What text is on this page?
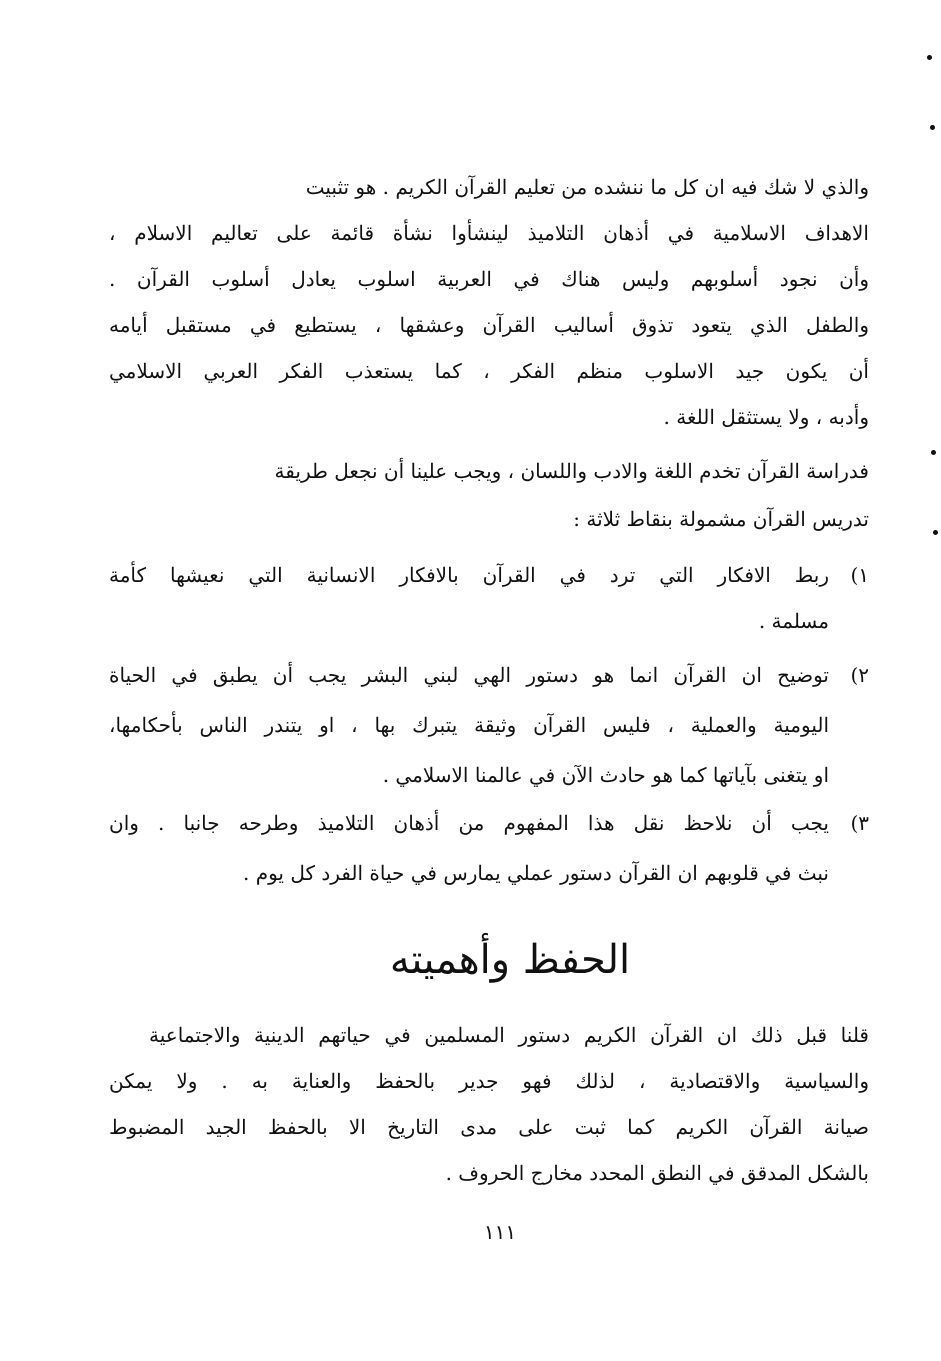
والذي لا شك فيه ان كل ما ننشده من تعليم القرآن الكريم . هو تثبيت
الاهداف الاسلامية في أذهان التلاميذ لينشأوا نشأة قائمة على تعاليم الاسلام ،
وأن نجود أسلوبهم وليس هناك في العربية اسلوب يعادل أسلوب القرآن .
والطفل الذي يتعود تذوق أساليب القرآن وعشقها ، يستطيع في مستقبل أيامه
أن يكون جيد الاسلوب منظم الفكر ، كما يستعذب الفكر العربي الاسلامي
وأدبه ، ولا يستثقل اللغة .
فدراسة القرآن تخدم اللغة والادب واللسان ، ويجب علينا أن نجعل طريقة
تدريس القرآن مشمولة بنقاط ثلاثة :
١)
ربط الافكار التي ترد في القرآن بالافكار الانسانية التي نعيشها كأمة
مسلمة .
٢)
توضيح ان القرآن انما هو دستور الهي لبني البشر يجب أن يطبق في الحياة
اليومية والعملية ، فليس القرآن وثيقة يتبرك بها ، او يتندر الناس بأحكامها،
او يتغنى بآياتها كما هو حادث الآن في عالمنا الاسلامي .
٣)
يجب أن نلاحظ نقل هذا المفهوم من أذهان التلاميذ وطرحه جانبا . وان
نبث في قلوبهم ان القرآن دستور عملي يمارس في حياة الفرد كل يوم .
الحفظ وأهميته
قلنا قبل ذلك ان القرآن الكريم دستور المسلمين في حياتهم الدينية والاجتماعية
والسياسية والاقتصادية ، لذلك فهو جدير بالحفظ والعناية به . ولا يمكن
صيانة القرآن الكريم كما ثبت على مدى التاريخ الا بالحفظ الجيد المضبوط
بالشكل المدقق في النطق المحدد مخارج الحروف .
١١١
